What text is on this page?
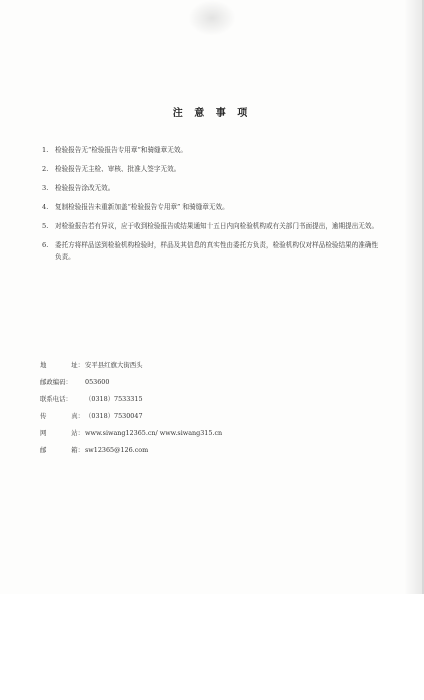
注 意 事 项
1. 检验报告无“检验报告专用章”和骑缝章无效。
2. 检验报告无主检、审核、批准人签字无效。
3. 检验报告涂改无效。
4. 复制检验报告未重新加盖“检验报告专用章” 和骑缝章无效。
5. 对检验报告若有异议，应于收到检验报告或结果通知十五日内向检验机构或有关部门书面提出，逾期提出无效。
6. 委托方将样品送到检验机构检验时，样品及其信息的真实性由委托方负责，检验机构仅对样品检验结果的准确性负责。
地	址： 安平县红旗大街西头
邮政编码：	053600
联系电话：	（0318）7533315
传	真： （0318）7530047
网	站： www.siwang12365.cn/ www.siwang315.cn
邮	箱： sw12365@126.com
